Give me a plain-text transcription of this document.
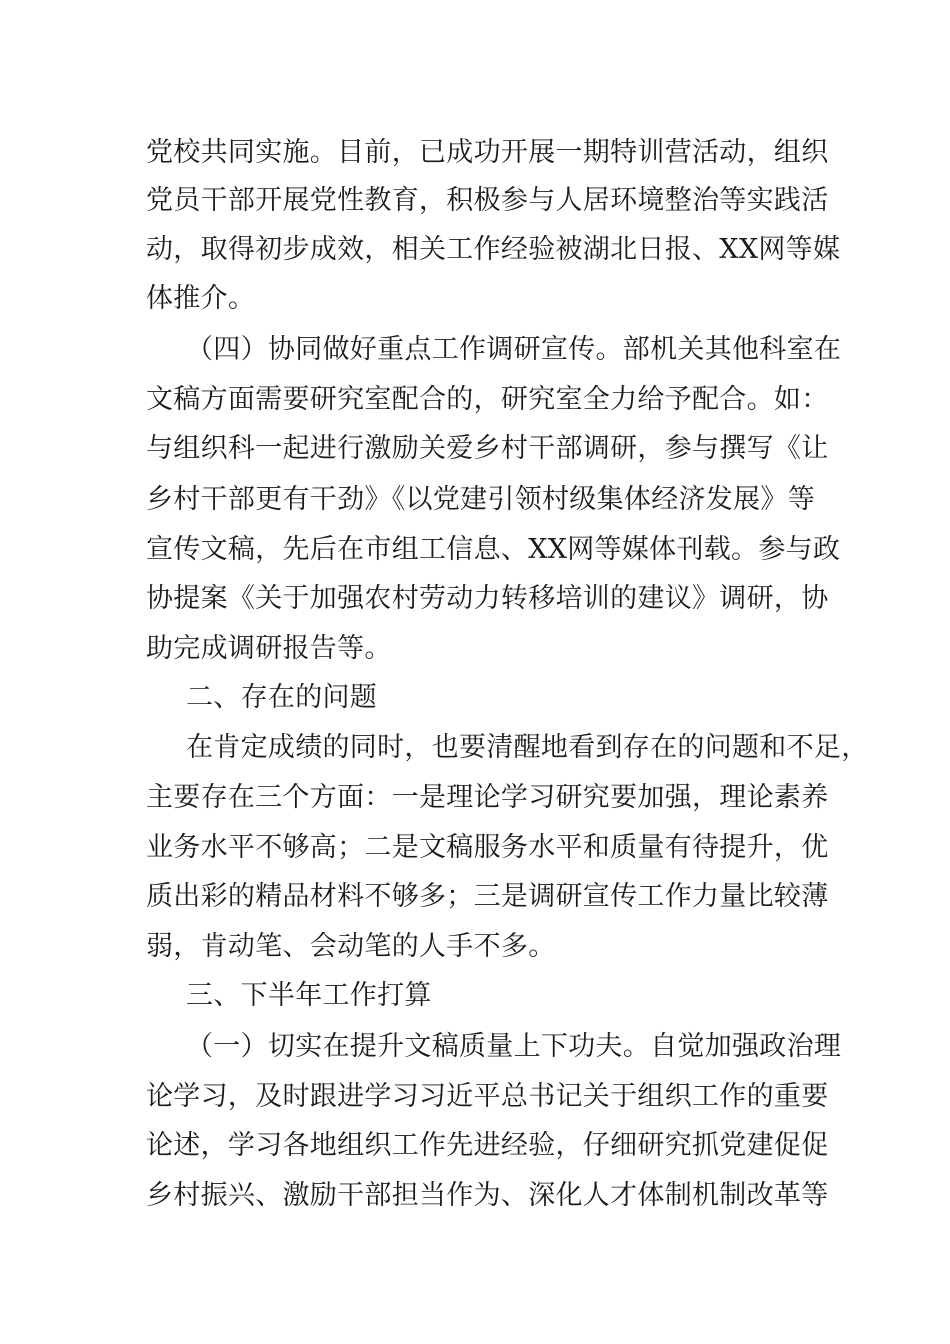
党校共同实施。目前，已成功开展一期特训营活动，组织
党员干部开展党性教育，积极参与人居环境整治等实践活
动，取得初步成效，相关工作经验被湖北日报、XX网等媒
体推介。
（四）协同做好重点工作调研宣传。部机关其他科室在
文稿方面需要研究室配合的，研究室全力给予配合。如：
与组织科一起进行激励关爱乡村干部调研，参与撰写《让
乡村干部更有干劲》《以党建引领村级集体经济发展》等
宣传文稿，先后在市组工信息、XX网等媒体刊载。参与政
协提案《关于加强农村劳动力转移培训的建议》调研，协
助完成调研报告等。
二、存在的问题
在肯定成绩的同时，也要清醒地看到存在的问题和不足，
主要存在三个方面：一是理论学习研究要加强，理论素养
业务水平不够高；二是文稿服务水平和质量有待提升，优
质出彩的精品材料不够多；三是调研宣传工作力量比较薄
弱，肯动笔、会动笔的人手不多。
三、下半年工作打算
（一）切实在提升文稿质量上下功夫。自觉加强政治理
论学习，及时跟进学习习近平总书记关于组织工作的重要
论述，学习各地组织工作先进经验，仔细研究抓党建促促
乡村振兴、激励干部担当作为、深化人才体制机制改革等
